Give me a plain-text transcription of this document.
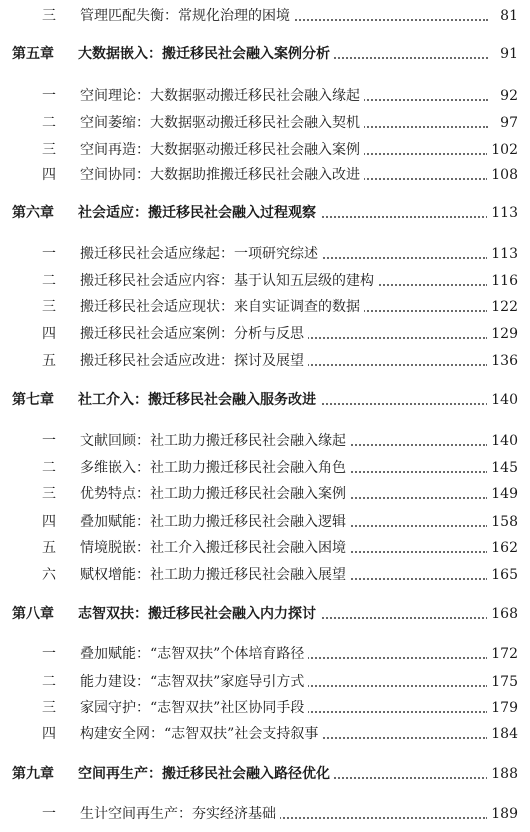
三 管理匹配失衡：常规化治理的困境	81
第五章 大数据嵌入：搬迁移民社会融入案例分析	91
一 空间理论：大数据驱动搬迁移民社会融入缘起	92
二 空间萎缩：大数据驱动搬迁移民社会融入契机	97
三 空间再造：大数据驱动搬迁移民社会融入案例	102
四 空间协同：大数据助推搬迁移民社会融入改进	108
第六章 社会适应：搬迁移民社会融入过程观察	113
一 搬迁移民社会适应缘起：一项研究综述	113
二 搬迁移民社会适应内容：基于认知五层级的建构	116
三 搬迁移民社会适应现状：来自实证调查的数据	122
四 搬迁移民社会适应案例：分析与反思	129
五 搬迁移民社会适应改进：探讨及展望	136
第七章 社工介入：搬迁移民社会融入服务改进	140
一 文献回顾：社工助力搬迁移民社会融入缘起	140
二 多维嵌入：社工助力搬迁移民社会融入角色	145
三 优势特点：社工助力搬迁移民社会融入案例	149
四 叠加赋能：社工助力搬迁移民社会融入逻辑	158
五 情境脱嵌：社工介入搬迁移民社会融入困境	162
六 赋权增能：社工助力搬迁移民社会融入展望	165
第八章 志智双扶：搬迁移民社会融入内力探讨	168
一 叠加赋能：“志智双扶”个体培育路径	172
二 能力建设：“志智双扶”家庭导引方式	175
三 家园守护：“志智双扶”社区协同手段	179
四 构建安全网：“志智双扶”社会支持叙事	184
第九章 空间再生产：搬迁移民社会融入路径优化	188
一 生计空间再生产：夯实经济基础	189
